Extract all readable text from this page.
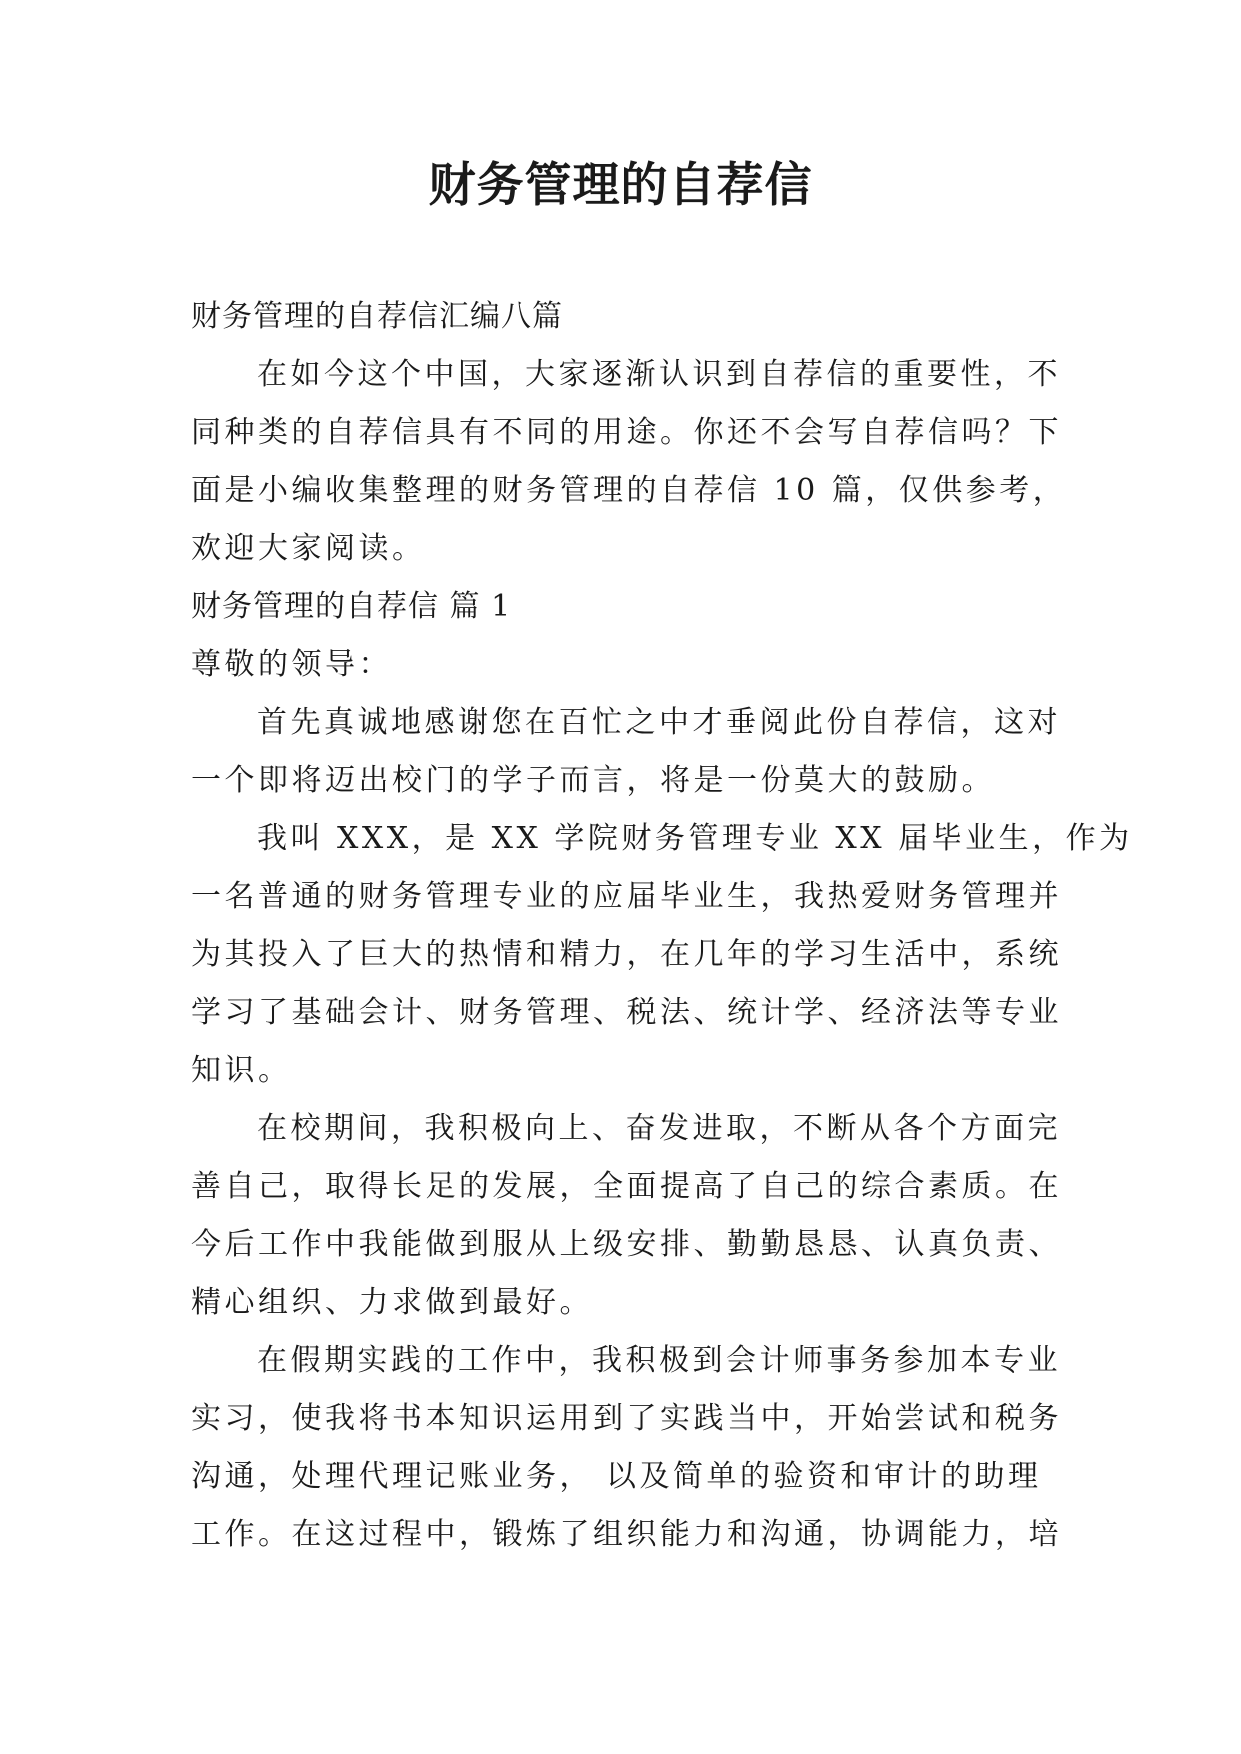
财务管理的自荐信
财务管理的自荐信汇编八篇
在如今这个中国，大家逐渐认识到自荐信的重要性，不
同种类的自荐信具有不同的用途。你还不会写自荐信吗？下
面是小编收集整理的财务管理的自荐信 10 篇，仅供参考，
欢迎大家阅读。
财务管理的自荐信 篇 1
尊敬的领导：
首先真诚地感谢您在百忙之中才垂阅此份自荐信，这对
一个即将迈出校门的学子而言，将是一份莫大的鼓励。
我叫 XXX，是 XX 学院财务管理专业 XX 届毕业生，作为
一名普通的财务管理专业的应届毕业生，我热爱财务管理并
为其投入了巨大的热情和精力，在几年的学习生活中，系统
学习了基础会计、财务管理、税法、统计学、经济法等专业
知识。
在校期间，我积极向上、奋发进取，不断从各个方面完
善自己，取得长足的发展，全面提高了自己的综合素质。在
今后工作中我能做到服从上级安排、勤勤恳恳、认真负责、
精心组织、力求做到最好。
在假期实践的工作中，我积极到会计师事务参加本专业
实习，使我将书本知识运用到了实践当中，开始尝试和税务
沟通，处理代理记账业务， 以及简单的验资和审计的助理
工作。在这过程中，锻炼了组织能力和沟通，协调能力，培
